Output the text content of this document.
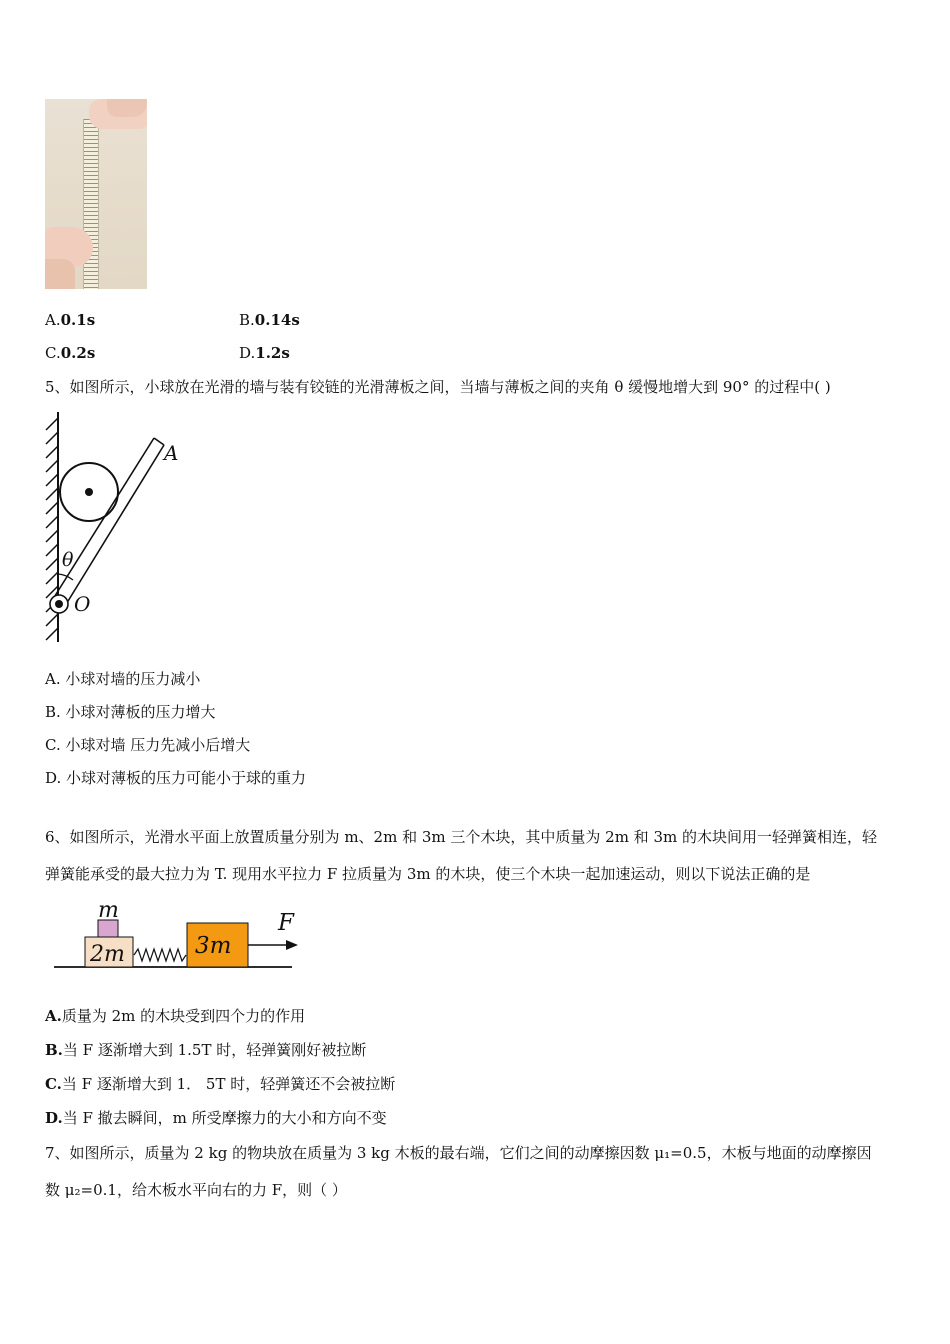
A.0.1s	B.0.14s
C.0.2s	D.1.2s
5、如图所示，小球放在光滑的墙与装有铰链的光滑薄板之间，当墙与薄板之间的夹角 θ 缓慢地增大到 90° 的过程中( )
A
θ
O
A. 小球对墙的压力减小
B. 小球对薄板的压力增大
C. 小球对墙 压力先减小后增大
D. 小球对薄板的压力可能小于球的重力
6、如图所示，光滑水平面上放置质量分别为 m、2m 和 3m 三个木块，其中质量为 2m 和 3m 的木块间用一轻弹簧相连，轻
弹簧能承受的最大拉力为 T. 现用水平拉力 F 拉质量为 3m 的木块，使三个木块一起加速运动，则以下说法正确的是
m
2m	3m
F
A.质量为 2m 的木块受到四个力的作用
B.当 F 逐渐增大到 1.5T 时，轻弹簧刚好被拉断
C.当 F 逐渐增大到 1． 5T 时，轻弹簧还不会被拉断
D.当 F 撤去瞬间，m 所受摩擦力的大小和方向不变
7、如图所示，质量为 2 kg 的物块放在质量为 3 kg 木板的最右端，它们之间的动摩擦因数 μ₁=0.5，木板与地面的动摩擦因
数 μ₂=0.1，给木板水平向右的力 F，则（ ）
